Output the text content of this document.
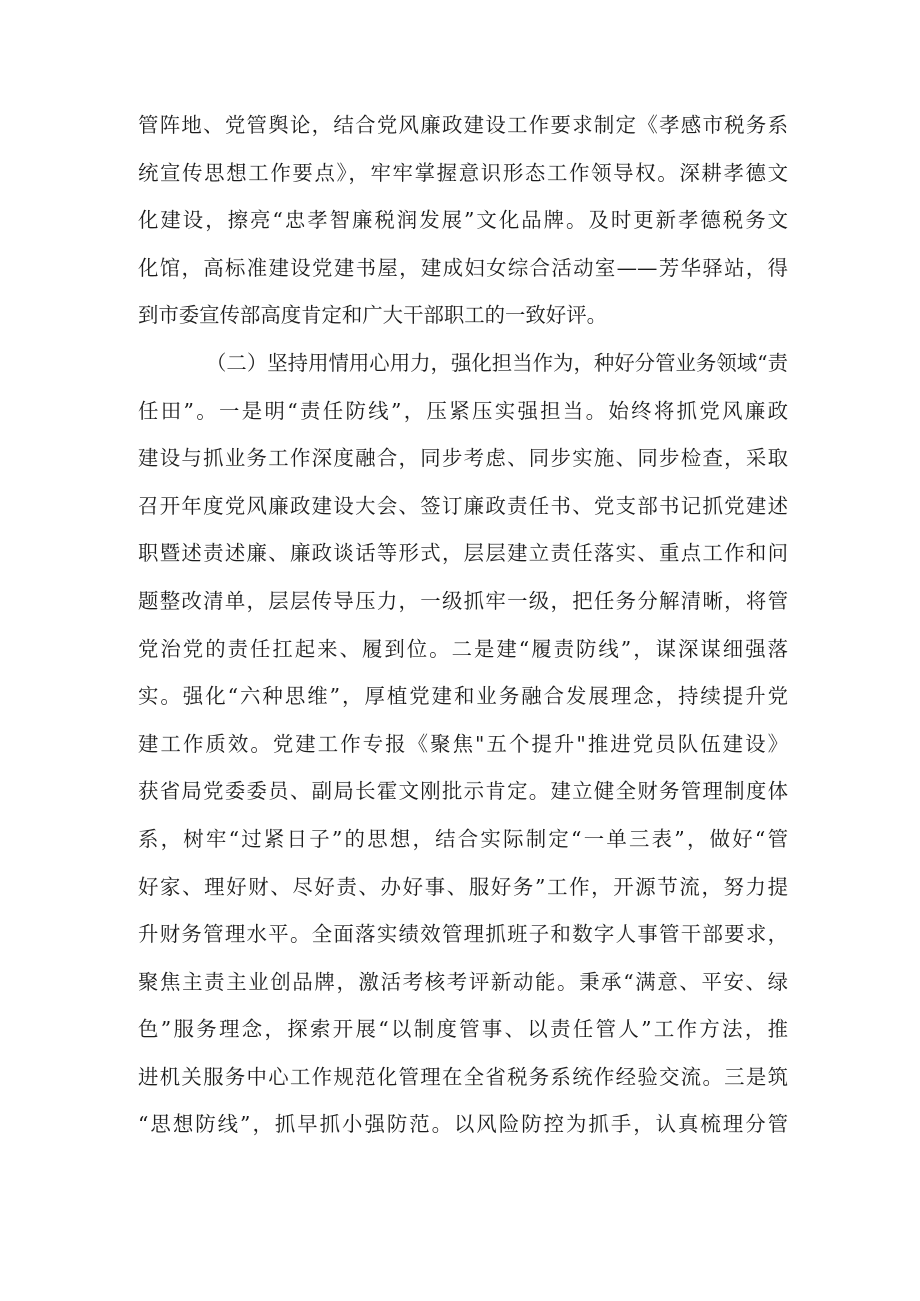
管阵地、党管舆论，结合党风廉政建设工作要求制定《孝感市税务系
统宣传思想工作要点》，牢牢掌握意识形态工作领导权。深耕孝德文
化建设，擦亮“忠孝智廉税润发展”文化品牌。及时更新孝德税务文
化馆，高标准建设党建书屋，建成妇女综合活动室——芳华驿站，得
到市委宣传部高度肯定和广大干部职工的一致好评。
（二）坚持用情用心用力，强化担当作为，种好分管业务领域“责
任田”。一是明“责任防线”，压紧压实强担当。始终将抓党风廉政
建设与抓业务工作深度融合，同步考虑、同步实施、同步检查，采取
召开年度党风廉政建设大会、签订廉政责任书、党支部书记抓党建述
职暨述责述廉、廉政谈话等形式，层层建立责任落实、重点工作和问
题整改清单，层层传导压力，一级抓牢一级，把任务分解清晰，将管
党治党的责任扛起来、履到位。二是建“履责防线”，谋深谋细强落
实。强化“六种思维”，厚植党建和业务融合发展理念，持续提升党
建工作质效。党建工作专报《聚焦"五个提升"推进党员队伍建设》
获省局党委委员、副局长霍文刚批示肯定。建立健全财务管理制度体
系，树牢“过紧日子”的思想，结合实际制定“一单三表”，做好“管
好家、理好财、尽好责、办好事、服好务”工作，开源节流，努力提
升财务管理水平。全面落实绩效管理抓班子和数字人事管干部要求，
聚焦主责主业创品牌，激活考核考评新动能。秉承“满意、平安、绿
色”服务理念，探索开展“以制度管事、以责任管人”工作方法，推
进机关服务中心工作规范化管理在全省税务系统作经验交流。三是筑
“思想防线”，抓早抓小强防范。以风险防控为抓手，认真梳理分管
